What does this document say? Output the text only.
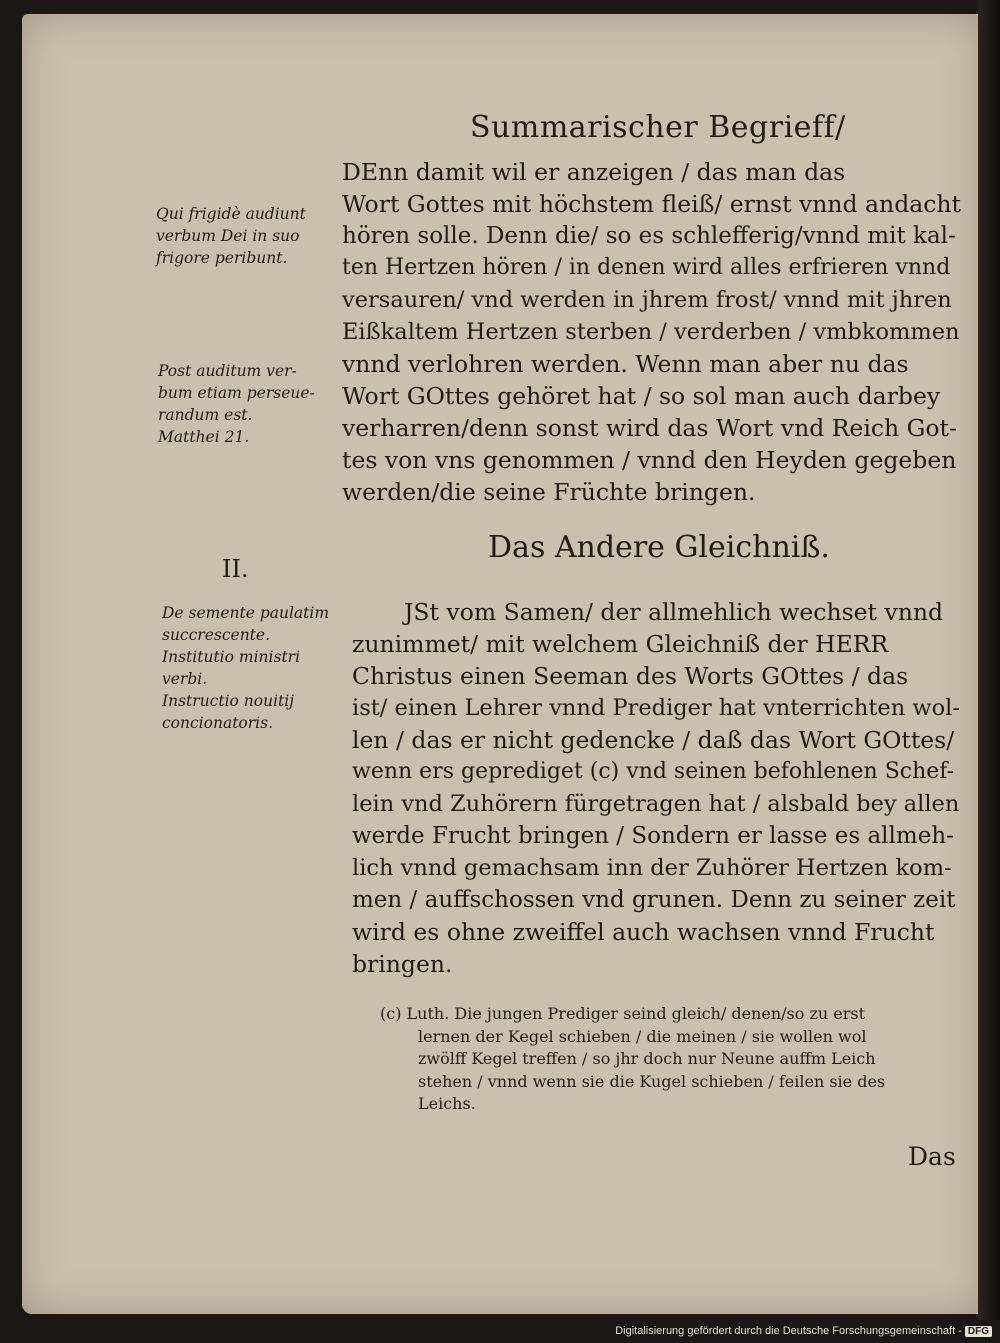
Summarischer Begrieff/
DEnn damit wil er anzeigen / das man das
Wort Gottes mit höchstem fleiß/ ernst vnnd andacht
hören solle. Denn die/ so es schlefferig/vnnd mit kal-
ten Hertzen hören / in denen wird alles erfrieren vnnd
versauren/ vnd werden in jhrem frost/ vnnd mit jhren
Eißkaltem Hertzen sterben / verderben / vmbkommen
vnnd verlohren werden. Wenn man aber nu das
Wort GOttes gehöret hat / so sol man auch darbey
verharren/denn sonst wird das Wort vnd Reich Got-
tes von vns genommen / vnnd den Heyden gegeben
werden/die seine Früchte bringen.
Qui frigidè audiunt
verbum Dei in suo
frigore peribunt.
Post auditum ver-
bum etiam perseue-
randum est.
Matthei 21.
II.
Das Andere Gleichniß.
De semente paulatim
succrescente.
Institutio ministri
verbi.
Instructio nouitij
concionatoris.
JSt vom Samen/ der allmehlich wechset vnnd
zunimmet/ mit welchem Gleichniß der HERR
Christus einen Seeman des Worts GOttes / das
ist/ einen Lehrer vnnd Prediger hat vnterrichten wol-
len / das er nicht gedencke / daß das Wort GOttes/
wenn ers geprediget (c) vnd seinen befohlenen Schef-
lein vnd Zuhörern fürgetragen hat / alsbald bey allen
werde Frucht bringen / Sondern er lasse es allmeh-
lich vnnd gemachsam inn der Zuhörer Hertzen kom-
men / auffschossen vnd grunen. Denn zu seiner zeit
wird es ohne zweiffel auch wachsen vnnd Frucht
bringen.
(c) Luth. Die jungen Prediger seind gleich/ denen/so zu erst
lernen der Kegel schieben / die meinen / sie wollen wol
zwölff Kegel treffen / so jhr doch nur Neune auffm Leich
stehen / vnnd wenn sie die Kugel schieben / feilen sie des
Leichs.
Das
Digitalisierung gefördert durch die Deutsche Forschungsgemeinschaft - DFG
